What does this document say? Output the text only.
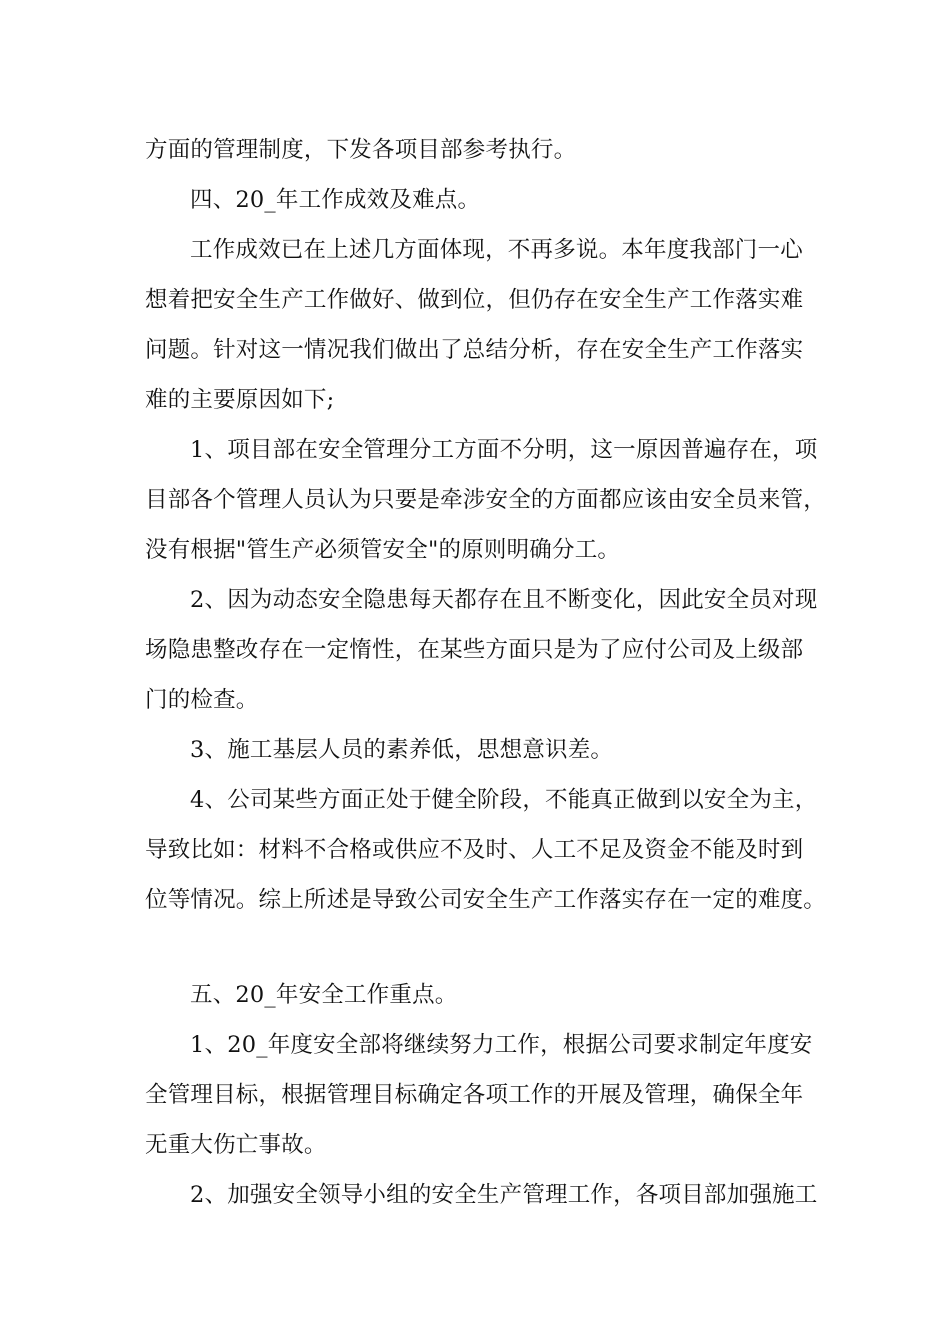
方面的管理制度，下发各项目部参考执行。
四、20_年工作成效及难点。
工作成效已在上述几方面体现，不再多说。本年度我部门一心
想着把安全生产工作做好、做到位，但仍存在安全生产工作落实难
问题。针对这一情况我们做出了总结分析，存在安全生产工作落实
难的主要原因如下;
1、项目部在安全管理分工方面不分明，这一原因普遍存在，项
目部各个管理人员认为只要是牵涉安全的方面都应该由安全员来管，
没有根据"管生产必须管安全"的原则明确分工。
2、因为动态安全隐患每天都存在且不断变化，因此安全员对现
场隐患整改存在一定惰性，在某些方面只是为了应付公司及上级部
门的检查。
3、施工基层人员的素养低，思想意识差。
4、公司某些方面正处于健全阶段，不能真正做到以安全为主，
导致比如：材料不合格或供应不及时、人工不足及资金不能及时到
位等情况。综上所述是导致公司安全生产工作落实存在一定的难度。
五、20_年安全工作重点。
1、20_年度安全部将继续努力工作，根据公司要求制定年度安
全管理目标，根据管理目标确定各项工作的开展及管理，确保全年
无重大伤亡事故。
2、加强安全领导小组的安全生产管理工作，各项目部加强施工
